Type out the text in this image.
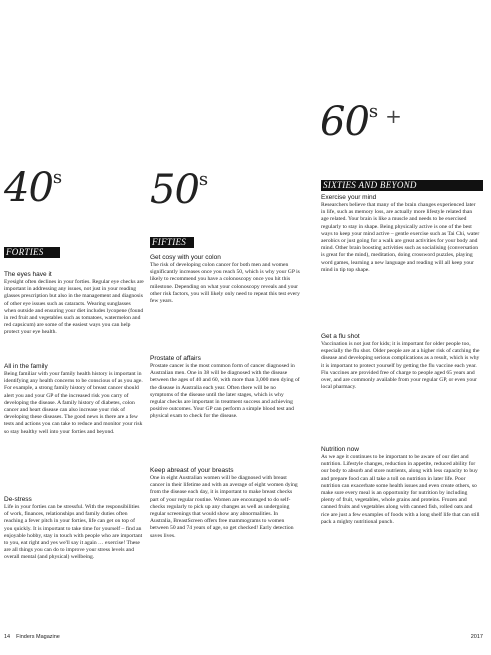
40$^s$ 50$^s$
60$^s$ +
FORTIES
FIFTIES
SIXTIES AND BEYOND
The eyes have it

Eyesight often declines in your forties. Regular eye checks are important in addressing any issues, not just in your reading glasses prescription but also in the management and diagnosis of other eye issues such as cataracts. Wearing sunglasses when outside and ensuring your diet includes lycopene (found in red fruit and vegetables such as tomatoes, watermelon and red capsicum) are some of the easiest ways you can help protect your eye health.

All in the family

Being familiar with your family health history is important in identifying any health concerns to be conscious of as you age. For example, a strong family history of breast cancer should alert you and your GP of the increased risk you carry of developing the disease. A family history of diabetes, colon cancer and heart disease can also increase your risk of developing these diseases. The good news is there are a few tests and actions you can take to reduce and monitor your risk so stay healthy well into your forties and beyond.

De-stress

Life in your forties can be stressful. With the responsibilities of work, finances, relationships and family duties often reaching a fever pitch in your forties, life can get on top of you quickly. It is important to take time for yourself – find an enjoyable hobby, stay in touch with people who are important to you, eat right and yes we'll say it again … exercise! These are all things you can do to improve your stress levels and overall mental (and physical) wellbeing.

Get cosy with your colon

The risk of developing colon cancer for both men and women significantly increases once you reach 50, which is why your GP is likely to recommend you have a colonoscopy once you hit this milestone. Depending on what your colonoscopy reveals and your other risk factors, you will likely only need to repeat this test every few years.

Prostate of affairs

Prostate cancer is the most common form of cancer diagnosed in Australian men. One in 38 will be diagnosed with the disease between the ages of 40 and 60, with more than 3,000 men dying of the disease in Australia each year. Often there will be no symptoms of the disease until the later stages, which is why regular checks are important in treatment success and achieving positive outcomes. Your GP can perform a simple blood test and physical exam to check for the disease.

Keep abreast of your breasts

One in eight Australian women will be diagnosed with breast cancer in their lifetime and with an average of eight women dying from the disease each day, it is important to make breast checks part of your regular routine. Women are encouraged to do self-checks regularly to pick up any changes as well as undergoing regular screenings that would show any abnormalities. In Australia, BreastScreen offers free mammograms to women between 50 and 74 years of age, so get checked! Early detection saves lives.

Exercise your mind

Researchers believe that many of the brain changes experienced later in life, such as memory loss, are actually more lifestyle related than age related. Your brain is like a muscle and needs to be exercised regularly to stay in shape. Being physically active is one of the best ways to keep your mind active – gentle exercise such as Tai Chi, water aerobics or just going for a walk are great activities for your body and mind. Other brain boosting activities such as socialising (conversation is great for the mind), meditation, doing crossword puzzles, playing word games, learning a new language and reading will all keep your mind in tip top shape.

Get a flu shot

Vaccination is not just for kids; it is important for older people too, especially the flu shot. Older people are at a higher risk of catching the disease and developing serious complications as a result, which is why it is important to protect yourself by getting the flu vaccine each year. Flu vaccines are provided free of charge to people aged 65 years and over, and are commonly available from your regular GP, or even your local pharmacy.

Nutrition now

As we age it continues to be important to be aware of our diet and nutrition. Lifestyle changes, reduction in appetite, reduced ability for our body to absorb and store nutrients, along with less capacity to buy and prepare food can all take a toll on nutrition in later life. Poor nutrition can exacerbate some health issues and even create others, so make sure every meal is an opportunity for nutrition by including plenty of fruit, vegetables, whole grains and proteins. Frozen and canned fruits and vegetables along with canned fish, rolled oats and rice are just a few examples of foods with a long shelf life that can still pack a mighty nutritional punch.

14 Finders Magazine	2017
